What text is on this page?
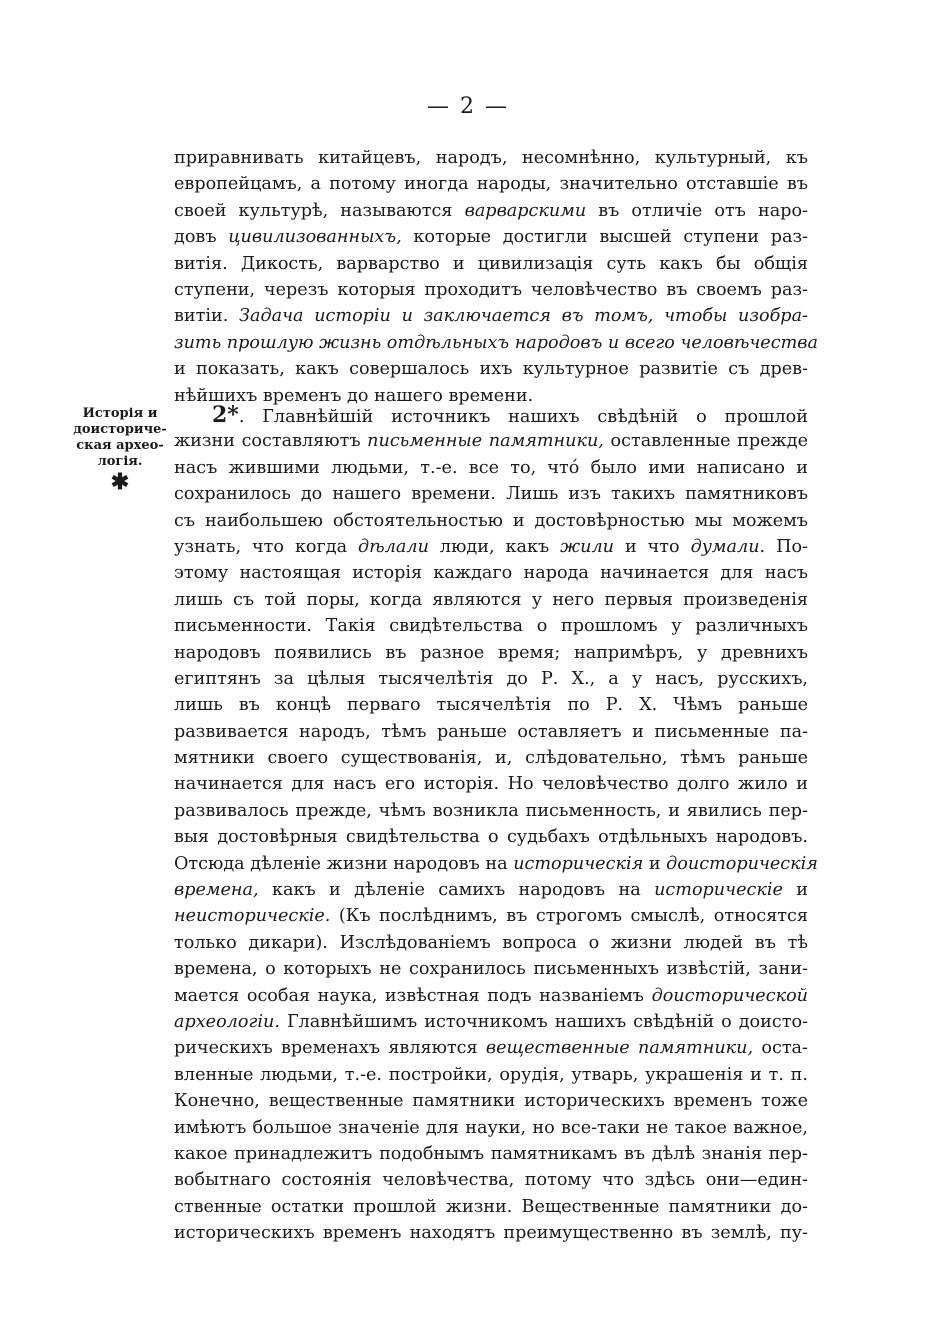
— 2 —
Исторія и
доисториче-
ская археo-
логія.
✱
приравнивать китайцевъ, народъ, несомнѣнно, культурный, къ
европейцамъ, а потому иногда народы, значительно отставшіе въ
своей культурѣ, называются варварскими въ отличіе отъ наро-
довъ цивилизованныхъ, которые достигли высшей ступени раз-
витія. Дикость, варварство и цивилизація суть какъ бы общія
ступени, черезъ которыя проходитъ человѣчество въ своемъ раз-
витіи. Задача исторіи и заключается въ томъ, чтобы изобра-
зить прошлую жизнь отдѣльныхъ народовъ и всего человѣчества
и показать, какъ совершалось ихъ культурное развитіе съ древ-
нѣйшихъ временъ до нашего времени.
2*. Главнѣйшій источникъ нашихъ свѣдѣній о прошлой
жизни составляютъ письменные памятники, оставленные прежде
насъ жившими людьми, т.-е. все то, чтó было ими написано и
сохранилось до нашего времени. Лишь изъ такихъ памятниковъ
съ наибольшею обстоятельностью и достовѣрностью мы можемъ
узнать, что когда дѣлали люди, какъ жили и что думали. По-
этому настоящая исторія каждаго народа начинается для насъ
лишь съ той поры, когда являются у него первыя произведенія
письменности. Такія свидѣтельства о прошломъ у различныхъ
народовъ появились въ разное время; напримѣръ, у древнихъ
египтянъ за цѣлыя тысячелѣтія до Р. Х., а у насъ, русскихъ,
лишь въ концѣ перваго тысячелѣтія по Р. Х. Чѣмъ раньше
развивается народъ, тѣмъ раньше оставляетъ и письменные па-
мятники своего существованія, и, слѣдовательно, тѣмъ раньше
начинается для насъ его исторія. Но человѣчество долго жило и
развивалось прежде, чѣмъ возникла письменность, и явились пер-
выя достовѣрныя свидѣтельства о судьбахъ отдѣльныхъ народовъ.
Отсюда дѣленіе жизни народовъ на историческія и доисторическія
времена, какъ и дѣленіе самихъ народовъ на историческіе и
неисторическіе. (Къ послѣднимъ, въ строгомъ смыслѣ, относятся
только дикари). Изслѣдованіемъ вопроса о жизни людей въ тѣ
времена, о которыхъ не сохранилось письменныхъ извѣстій, зани-
мается особая наука, извѣстная подъ названіемъ доисторической
археологіи. Главнѣйшимъ источникомъ нашихъ свѣдѣній о доисто-
рическихъ временахъ являются вещественные памятники, оста-
вленные людьми, т.-е. постройки, орудія, утварь, украшенія и т. п.
Конечно, вещественные памятники историческихъ временъ тоже
имѣютъ большое значеніе для науки, но все-таки не такое важное,
какое принадлежитъ подобнымъ памятникамъ въ дѣлѣ знанія пер-
вобытнаго состоянія человѣчества, потому что здѣсь они—един-
ственные остатки прошлой жизни. Вещественные памятники до-
историческихъ временъ находятъ преимущественно въ землѣ, пу-
